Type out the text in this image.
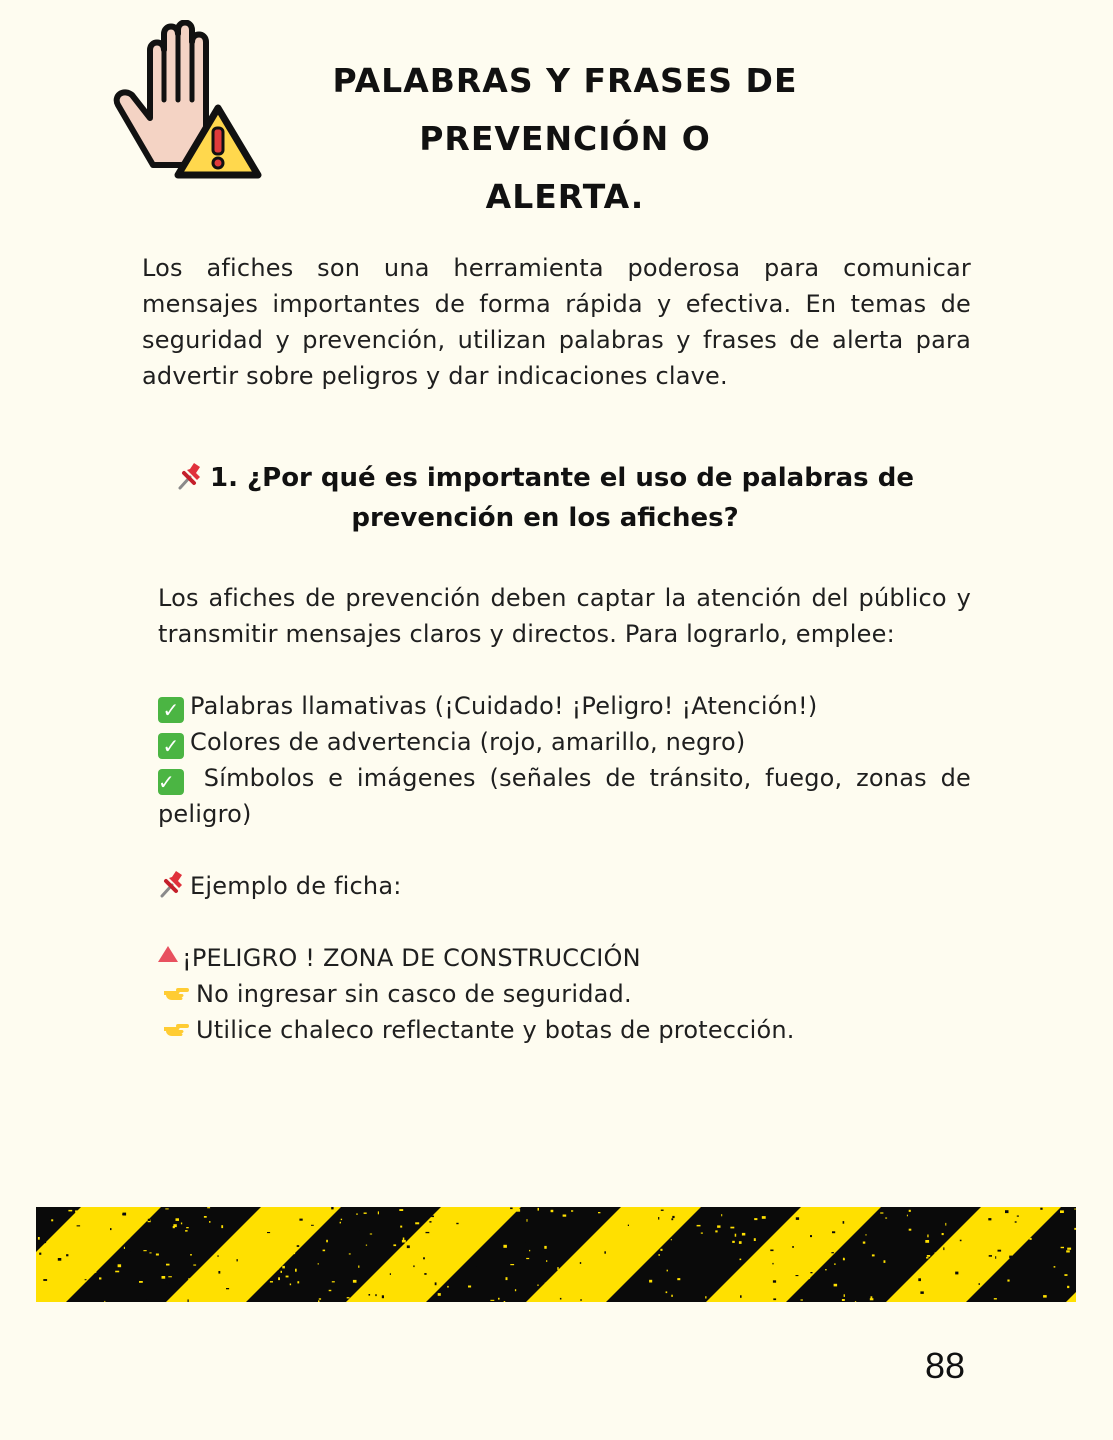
PALABRAS Y FRASES DE PREVENCIÓN O
ALERTA.

Los afiches son una herramienta poderosa para comunicar mensajes importantes de forma rápida y efectiva. En temas de seguridad y prevención, utilizan palabras y frases de alerta para advertir sobre peligros y dar indicaciones clave.

1. ¿Por qué es importante el uso de palabras de
prevención en los afiches?

Los afiches de prevención deben captar la atención del público y transmitir mensajes claros y directos. Para lograrlo, emplee:

✓ Palabras llamativas (¡Cuidado! ¡Peligro! ¡Atención!)

✓ Colores de advertencia (rojo, amarillo, negro)

✓ Símbolos e imágenes (señales de tránsito, fuego, zonas de peligro)

Ejemplo de ficha:

¡PELIGRO ! ZONA DE CONSTRUCCIÓN

No ingresar sin casco de seguridad.

Utilice chaleco reflectante y botas de protección.

88
